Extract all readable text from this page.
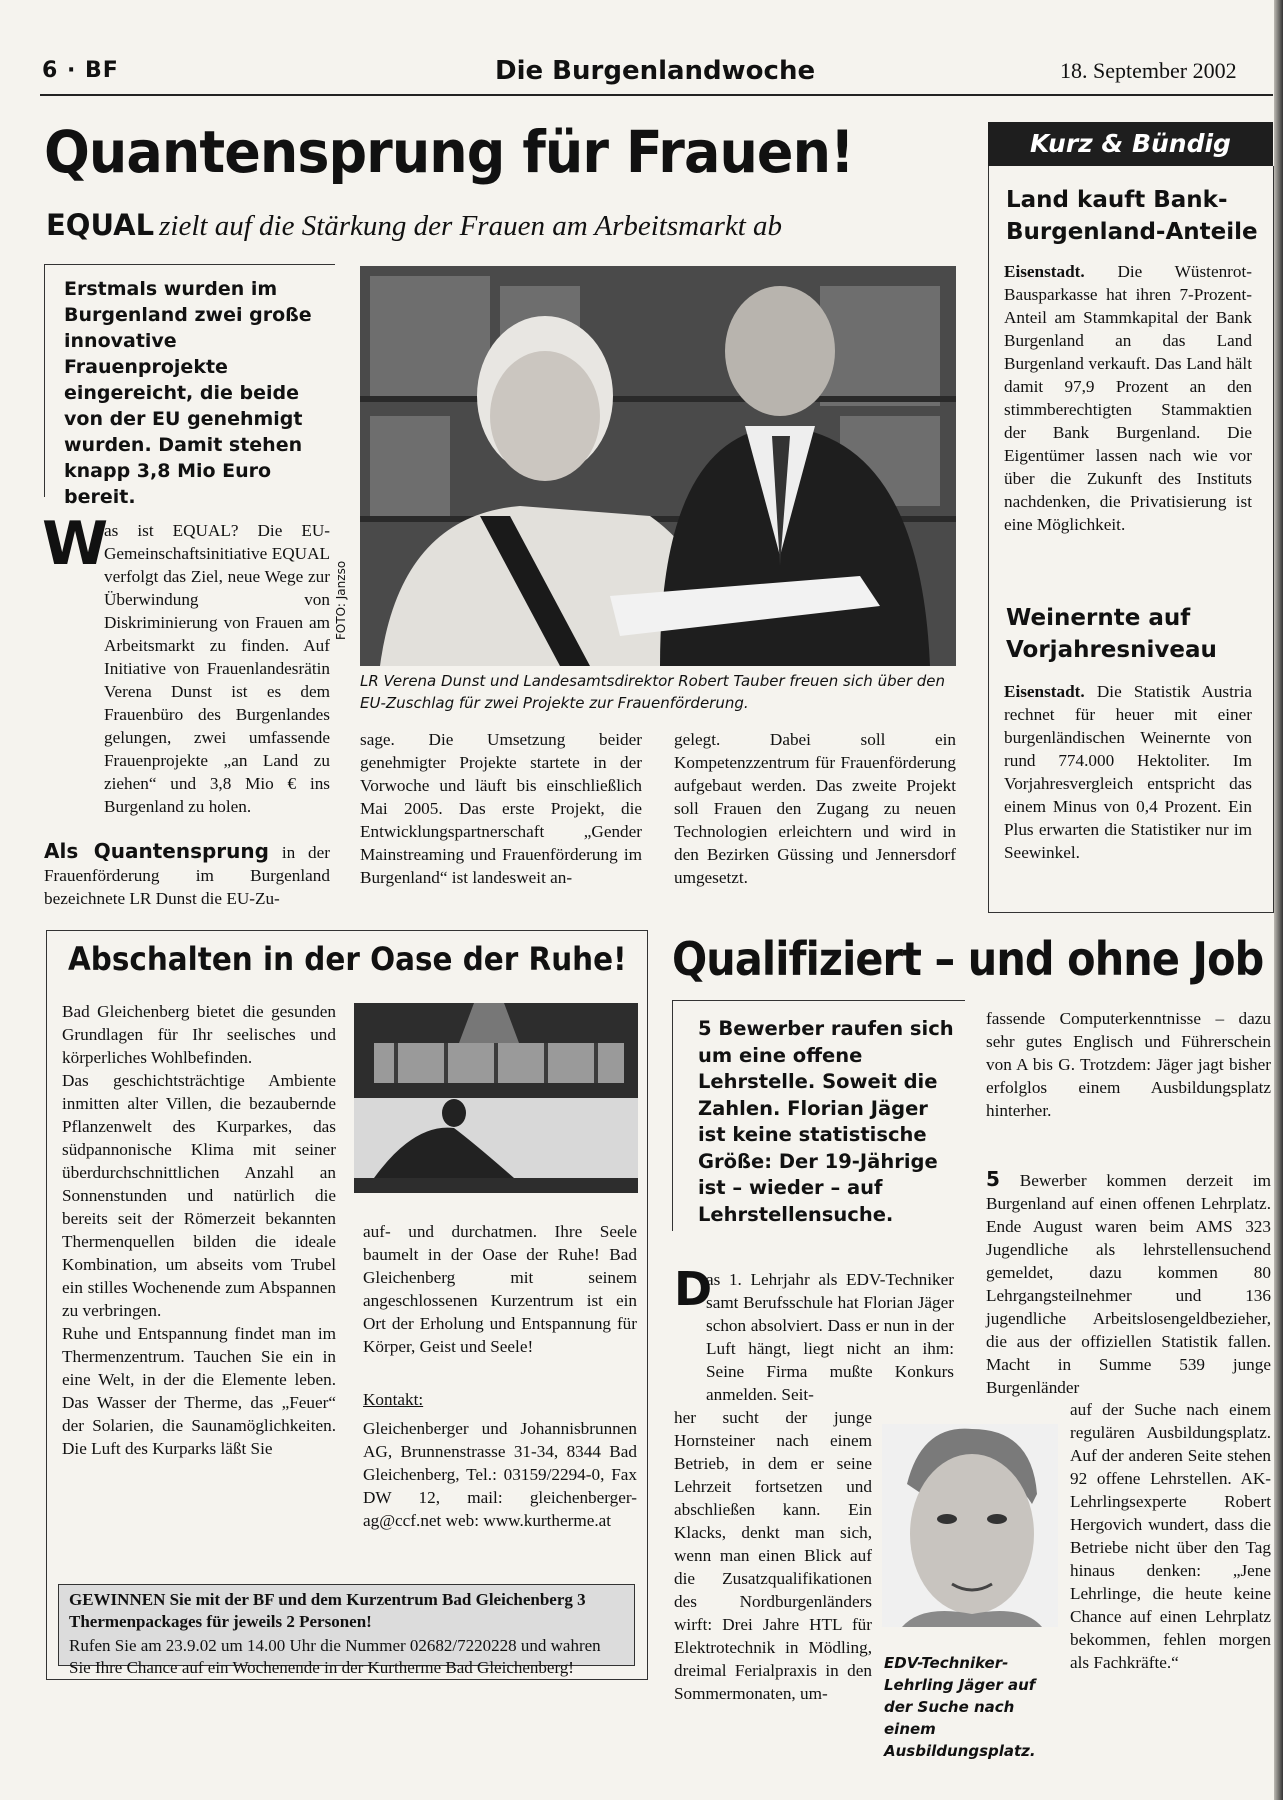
6 · BF	Die Burgenlandwoche	18. September 2002
Quantensprung für Frauen!
EQUAL zielt auf die Stärkung der Frauen am Arbeitsmarkt ab
Erstmals wurden im Burgenland zwei große innovative Frauenprojekte eingereicht, die beide von der EU genehmigt wurden. Damit stehen knapp 3,8 Mio Euro bereit.
FOTO: Janzso
LR Verena Dunst und Landesamtsdirektor Robert Tauber freuen sich über den EU-Zuschlag für zwei Projekte zur Frauenförderung.
W
as ist EQUAL? Die EU-Gemeinschaftsinitiative EQUAL verfolgt das Ziel, neue Wege zur Überwindung von Diskriminierung von Frauen am Arbeitsmarkt zu finden. Auf Initiative von Frauenlandesrätin Verena Dunst ist es dem Frauenbüro des Burgenlandes gelungen, zwei umfassende Frauenprojekte „an Land zu ziehen“ und 3,8 Mio € ins Burgenland zu holen.
Als Quantensprung in der Frauenförderung im Burgenland bezeichnete LR Dunst die EU-Zu-
sage. Die Umsetzung beider genehmigter Projekte startete in der Vorwoche und läuft bis einschließlich Mai 2005. Das erste Projekt, die Entwicklungspartnerschaft „Gender Mainstreaming und Frauenförderung im Burgenland“ ist landesweit an-
gelegt. Dabei soll ein Kompetenzzentrum für Frauenförderung aufgebaut werden. Das zweite Projekt soll Frauen den Zugang zu neuen Technologien erleichtern und wird in den Bezirken Güssing und Jennersdorf umgesetzt.
Kurz & Bündig
Land kauft Bank-Burgenland-Anteile
Eisenstadt. Die Wüstenrot-Bausparkasse hat ihren 7-Prozent-Anteil am Stammkapital der Bank Burgenland an das Land Burgenland verkauft. Das Land hält damit 97,9 Prozent an den stimmberechtigten Stammaktien der Bank Burgenland. Die Eigentümer lassen nach wie vor über die Zukunft des Instituts nachdenken, die Privatisierung ist eine Möglichkeit.
Weinernte auf Vorjahresniveau
Eisenstadt. Die Statistik Austria rechnet für heuer mit einer burgenländischen Weinernte von rund 774.000 Hektoliter. Im Vorjahresvergleich entspricht das einem Minus von 0,4 Prozent. Ein Plus erwarten die Statistiker nur im Seewinkel.
Abschalten in der Oase der Ruhe!
Bad Gleichenberg bietet die gesunden Grundlagen für Ihr seelisches und körperliches Wohlbefinden.
Das geschichtsträchtige Ambiente inmitten alter Villen, die bezaubernde Pflanzenwelt des Kurparkes, das südpannonische Klima mit seiner überdurchschnittlichen Anzahl an Sonnenstunden und natürlich die bereits seit der Römerzeit bekannten Thermenquellen bilden die ideale Kombination, um abseits vom Trubel ein stilles Wochenende zum Abspannen zu verbringen.
Ruhe und Entspannung findet man im Thermenzentrum. Tauchen Sie ein in eine Welt, in der die Elemente leben. Das Wasser der Therme, das „Feuer“ der Solarien, die Saunamöglichkeiten. Die Luft des Kurparks läßt Sie
auf- und durchatmen. Ihre Seele baumelt in der Oase der Ruhe! Bad Gleichenberg mit seinem angeschlossenen Kurzentrum ist ein Ort der Erholung und Entspannung für Körper, Geist und Seele!
Kontakt:
Gleichenberger und Johannisbrunnen AG, Brunnenstrasse 31-34, 8344 Bad Gleichenberg, Tel.: 03159/2294-0, Fax DW 12, mail: gleichenberger-ag@ccf.net web: www.kurtherme.at
GEWINNEN Sie mit der BF und dem Kurzentrum Bad Gleichenberg 3 Thermenpackages für jeweils 2 Personen!
Rufen Sie am 23.9.02 um 14.00 Uhr die Nummer 02682/7220228 und wahren Sie Ihre Chance auf ein Wochenende in der Kurtherme Bad Gleichenberg!
Qualifiziert – und ohne Job
5 Bewerber raufen sich um eine offene Lehrstelle. Soweit die Zahlen. Florian Jäger ist keine statistische Größe: Der 19-Jährige ist – wieder – auf Lehrstellensuche.
D
as 1. Lehrjahr als EDV-Techniker samt Berufsschule hat Florian Jäger schon absolviert. Dass er nun in der Luft hängt, liegt nicht an ihm: Seine Firma mußte Konkurs anmelden. Seit-
her sucht der junge Hornsteiner nach einem Betrieb, in dem er seine Lehrzeit fortsetzen und abschließen kann. Ein Klacks, denkt man sich, wenn man einen Blick auf die Zusatzqualifikationen des Nordburgenländers wirft: Drei Jahre HTL für Elektrotechnik in Mödling, dreimal Ferialpraxis in den Sommermonaten, um-
EDV-Techniker-Lehrling Jäger auf der Suche nach einem Ausbildungsplatz.
fassende Computerkenntnisse – dazu sehr gutes Englisch und Führerschein von A bis G. Trotzdem: Jäger jagt bisher erfolglos einem Ausbildungsplatz hinterher.
5 Bewerber kommen derzeit im Burgenland auf einen offenen Lehrplatz. Ende August waren beim AMS 323 Jugendliche als lehrstellensuchend gemeldet, dazu kommen 80 Lehrgangsteilnehmer und 136 jugendliche Arbeitslosengeldbezieher, die aus der offiziellen Statistik fallen. Macht in Summe 539 junge Burgenländer
auf der Suche nach einem regulären Ausbildungsplatz. Auf der anderen Seite stehen 92 offene Lehrstellen. AK-Lehrlingsexperte Robert Hergovich wundert, dass die Betriebe nicht über den Tag hinaus denken: „Jene Lehrlinge, die heute keine Chance auf einen Lehrplatz bekommen, fehlen morgen als Fachkräfte.“
